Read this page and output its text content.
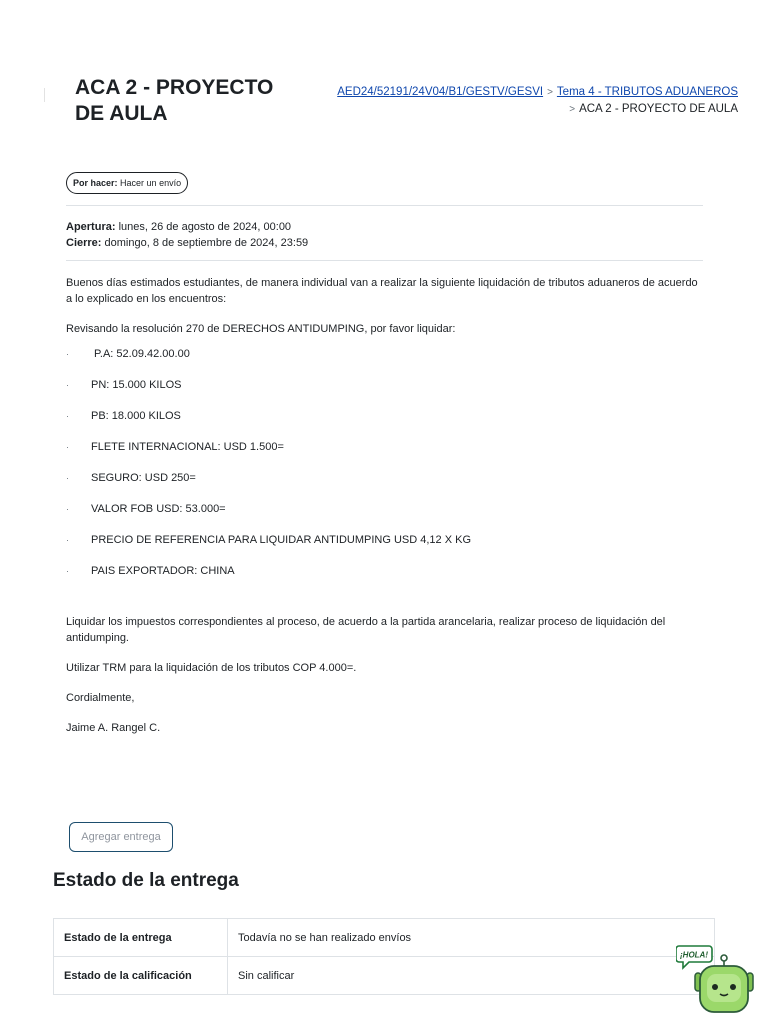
ACA 2 - PROYECTO DE AULA
AED24/52191/24V04/B1/GESTV/GESVI > Tema 4 - TRIBUTOS ADUANEROS
> ACA 2 - PROYECTO DE AULA
Por hacer: Hacer un envío
Apertura: lunes, 26 de agosto de 2024, 00:00
Cierre: domingo, 8 de septiembre de 2024, 23:59

Buenos días estimados estudiantes, de manera individual van a realizar la siguiente liquidación de tributos aduaneros de acuerdo a lo explicado en los encuentros:

Revisando la resolución 270 de DERECHOS ANTIDUMPING, por favor liquidar:

·	P.A: 52.09.42.00.00
·	PN: 15.000 KILOS
·	PB: 18.000 KILOS
·	FLETE INTERNACIONAL: USD 1.500=
·	SEGURO: USD 250=
·	VALOR FOB USD: 53.000=
·	PRECIO DE REFERENCIA PARA LIQUIDAR ANTIDUMPING USD 4,12 X KG
·	PAIS EXPORTADOR: CHINA

Liquidar los impuestos correspondientes al proceso, de acuerdo a la partida arancelaria, realizar proceso de liquidación del antidumping.

Utilizar TRM para la liquidación de los tributos COP 4.000=.

Cordialmente,

Jaime A. Rangel C.

Agregar entrega
Estado de la entrega
Estado de la entrega	Todavía no se han realizado envíos
Estado de la calificación	Sin calificar
¡HOLA!
